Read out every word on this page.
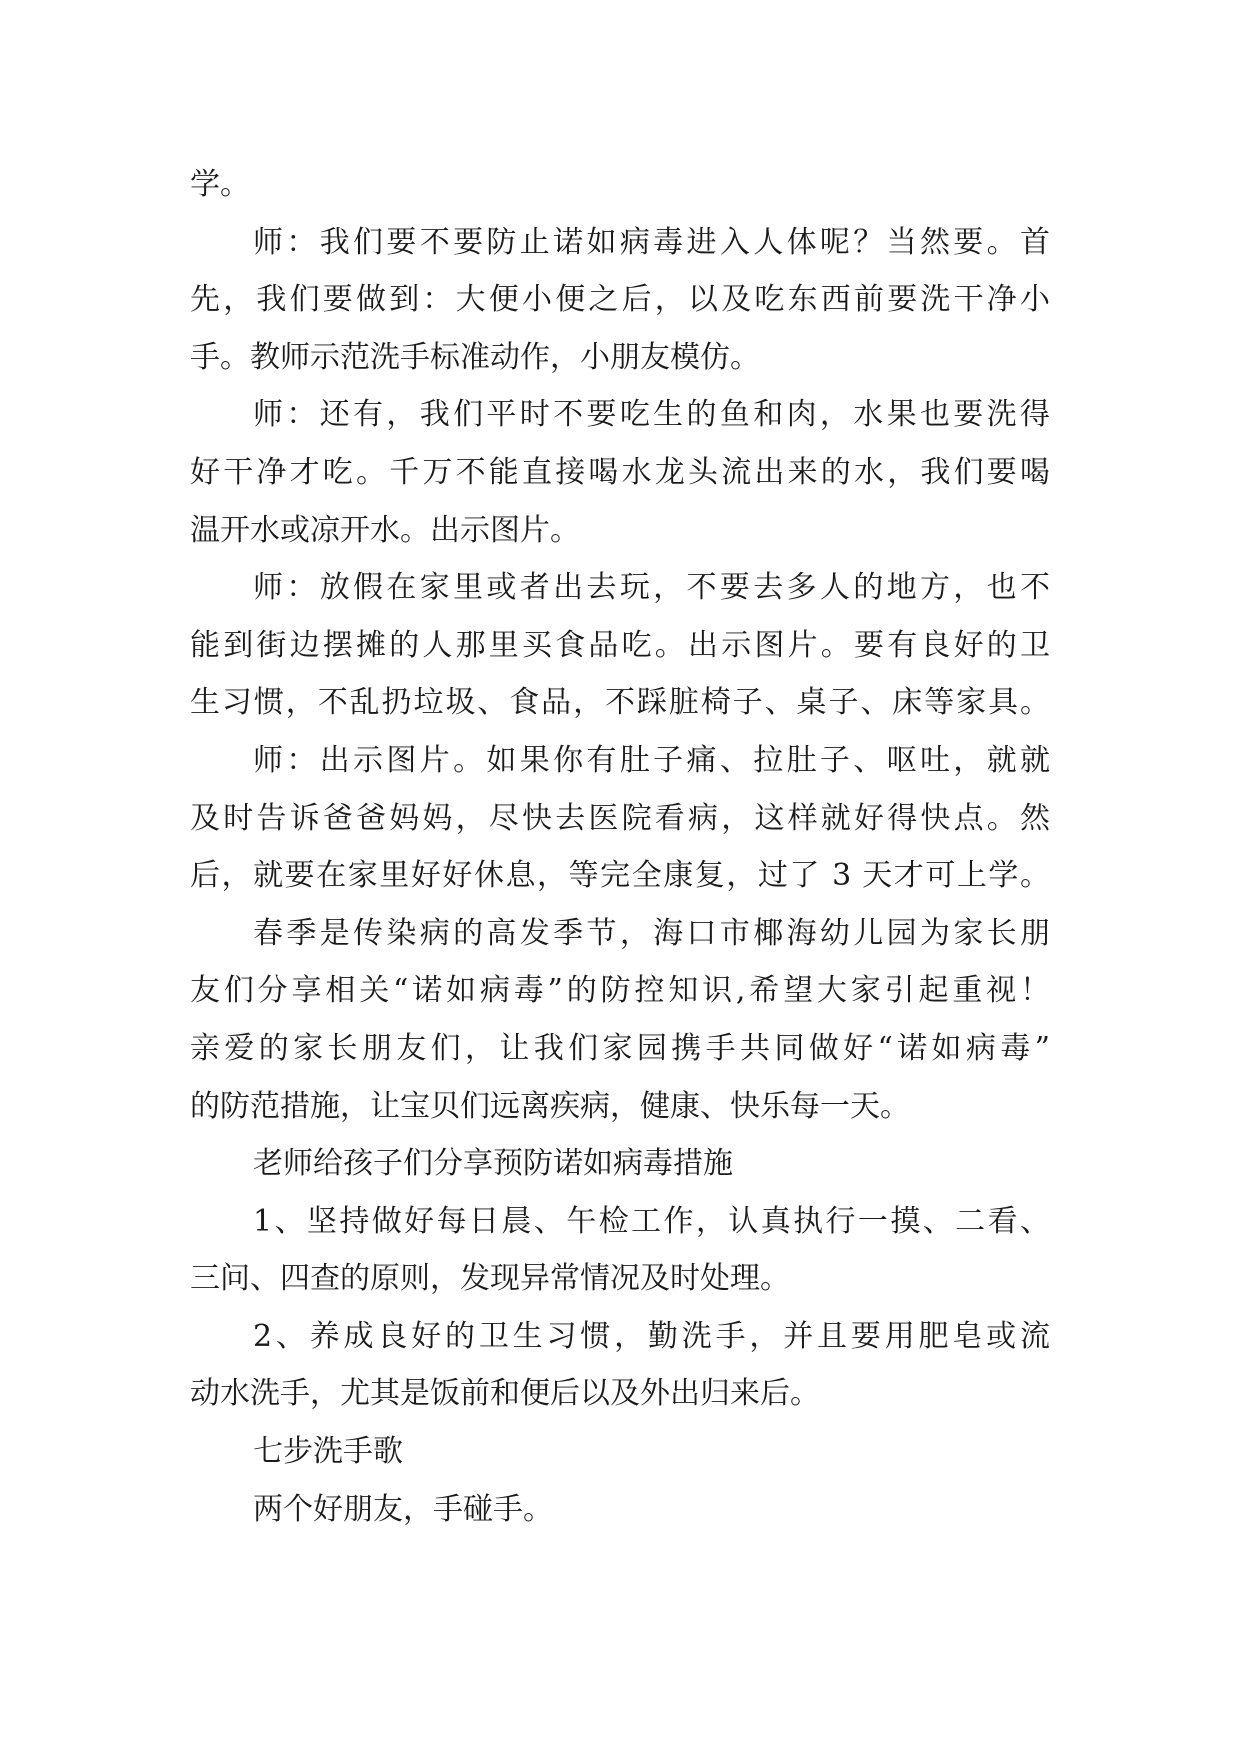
学。
师：我们要不要防止诺如病毒进入人体呢？当然要。首
先，我们要做到：大便小便之后，以及吃东西前要洗干净小
手。教师示范洗手标准动作，小朋友模仿。
师：还有，我们平时不要吃生的鱼和肉，水果也要洗得
好干净才吃。千万不能直接喝水龙头流出来的水，我们要喝
温开水或凉开水。出示图片。
师：放假在家里或者出去玩，不要去多人的地方，也不
能到街边摆摊的人那里买食品吃。出示图片。要有良好的卫
生习惯，不乱扔垃圾、食品，不踩脏椅子、桌子、床等家具。
师：出示图片。如果你有肚子痛、拉肚子、呕吐，就就
及时告诉爸爸妈妈，尽快去医院看病，这样就好得快点。然
后，就要在家里好好休息，等完全康复，过了 3 天才可上学。
春季是传染病的高发季节，海口市椰海幼儿园为家长朋
友们分享相关“诺如病毒”的防控知识,希望大家引起重视！
亲爱的家长朋友们，让我们家园携手共同做好“诺如病毒”
的防范措施，让宝贝们远离疾病，健康、快乐每一天。
老师给孩子们分享预防诺如病毒措施
1、坚持做好每日晨、午检工作，认真执行一摸、二看、
三问、四查的原则，发现异常情况及时处理。
2、养成良好的卫生习惯，勤洗手，并且要用肥皂或流
动水洗手，尤其是饭前和便后以及外出归来后。
七步洗手歌
两个好朋友，手碰手。
